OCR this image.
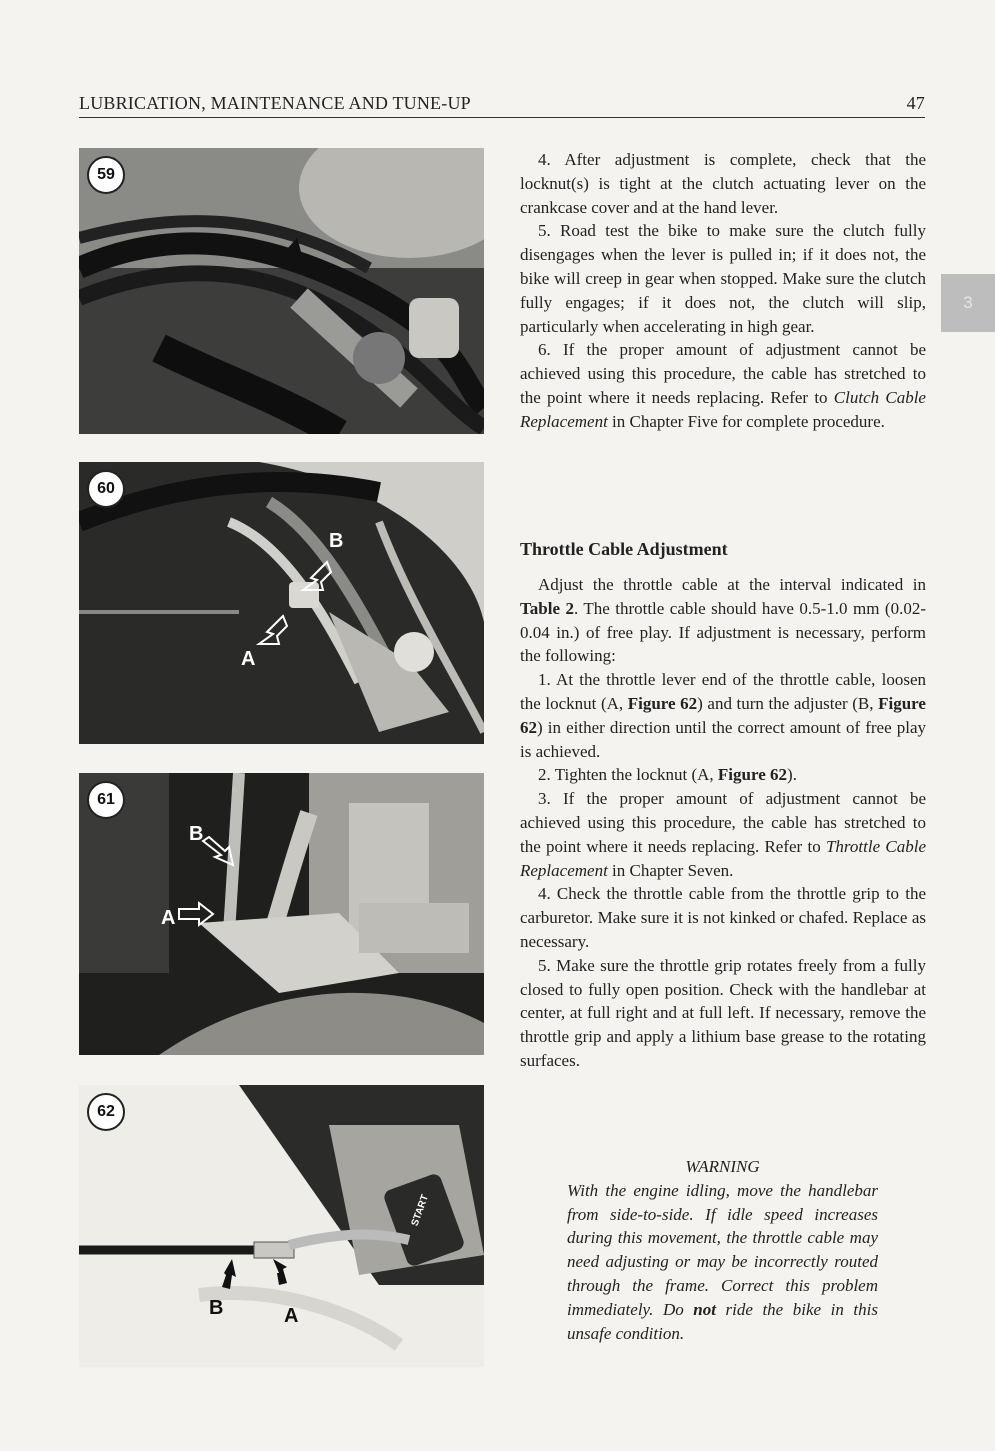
LUBRICATION, MAINTENANCE AND TUNE-UP	47
3
59
60
B
A
61
B
A
62
B	A
START

4. After adjustment is complete, check that the locknut(s) is tight at the clutch actuating lever on the crankcase cover and at the hand lever.

5. Road test the bike to make sure the clutch fully disengages when the lever is pulled in; if it does not, the bike will creep in gear when stopped. Make sure the clutch fully engages; if it does not, the clutch will slip, particularly when accelerating in high gear.

6. If the proper amount of adjustment cannot be achieved using this procedure, the cable has stretched to the point where it needs replacing. Refer to Clutch Cable Replacement in Chapter Five for complete procedure.

Throttle Cable Adjustment

Adjust the throttle cable at the interval indicated in Table 2. The throttle cable should have 0.5-1.0 mm (0.02-0.04 in.) of free play. If adjustment is necessary, perform the following:

1. At the throttle lever end of the throttle cable, loosen the locknut (A, Figure 62) and turn the adjuster (B, Figure 62) in either direction until the correct amount of free play is achieved.

2. Tighten the locknut (A, Figure 62).

3. If the proper amount of adjustment cannot be achieved using this procedure, the cable has stretched to the point where it needs replacing. Refer to Throttle Cable Replacement in Chapter Seven.

4. Check the throttle cable from the throttle grip to the carburetor. Make sure it is not kinked or chafed. Replace as necessary.

5. Make sure the throttle grip rotates freely from a fully closed to fully open position. Check with the handlebar at center, at full right and at full left. If necessary, remove the throttle grip and apply a lithium base grease to the rotating surfaces.

WARNING
With the engine idling, move the handlebar from side-to-side. If idle speed increases during this movement, the throttle cable may need adjusting or may be incorrectly routed through the frame. Correct this problem immediately. Do not ride the bike in this unsafe condition.
